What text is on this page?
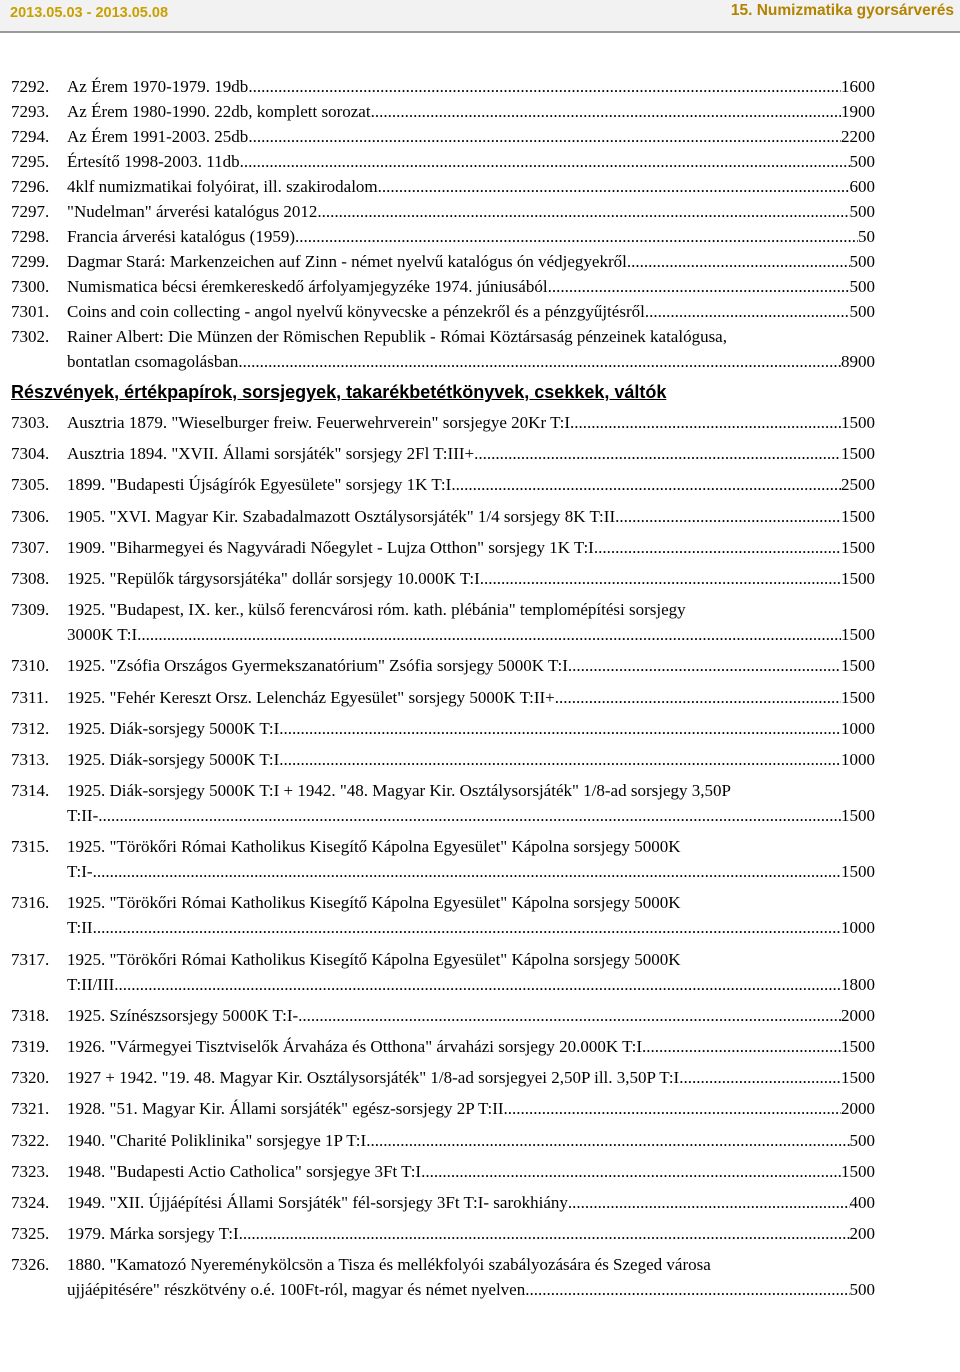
2013.05.03 - 2013.05.08	15. Numizmatika gyorsárverés
7292.	Az Érem 1970-1979. 19db .....	1600
7293.	Az Érem 1980-1990. 22db, komplett sorozat .....	1900
7294.	Az Érem 1991-2003. 25db .....	2200
7295.	Értesítő 1998-2003. 11db .....	500
7296.	4klf numizmatikai folyóirat, ill. szakirodalom .....	600
7297.	"Nudelman" árverési katalógus 2012. .....	500
7298.	Francia árverési katalógus (1959) .....	50
7299.	Dagmar Stará: Markenzeichen auf Zinn - német nyelvű katalógus ón védjegyekről .....	500
7300.	Numismatica bécsi éremkereskedő árfolyamjegyzéke 1974. júniusából .....	500
7301.	Coins and coin collecting - angol nyelvű könyvecske a pénzekről és a pénzgyűjtésről .....	500
7302.	Rainer Albert: Die Münzen der Römischen Republik - Római Köztársaság pénzeinek katalógusa,
bontatlan csomagolásban .....	8900
Részvények, értékpapírok, sorsjegyek, takarékbetétkönyvek, csekkek, váltók
7303.	Ausztria 1879. "Wieselburger freiw. Feuerwehrverein" sorsjegye 20Kr T:I .....	1500
7304.	Ausztria 1894. "XVII. Állami sorsjáték" sorsjegy 2Fl T:III+ .....	1500
7305.	1899. "Budapesti Újságírók Egyesülete" sorsjegy 1K T:I .....	2500
7306.	1905. "XVI. Magyar Kir. Szabadalmazott Osztálysorsjáték" 1/4 sorsjegy 8K T:II .....	1500
7307.	1909. "Biharmegyei és Nagyváradi Nőegylet - Lujza Otthon" sorsjegy 1K T:I .....	1500
7308.	1925. "Repülők tárgysorsjátéka" dollár sorsjegy 10.000K T:I .....	1500
7309.	1925. "Budapest, IX. ker., külső ferencvárosi róm. kath. plébánia" templomépítési sorsjegy
3000K T:I .....	1500
7310.	1925. "Zsófia Országos Gyermekszanatórium" Zsófia sorsjegy 5000K T:I .....	1500
7311.	1925. "Fehér Kereszt Orsz. Lelencház Egyesület" sorsjegy 5000K T:II+ .....	1500
7312.	1925. Diák-sorsjegy 5000K T:I .....	1000
7313.	1925. Diák-sorsjegy 5000K T:I .....	1000
7314.	1925. Diák-sorsjegy 5000K T:I + 1942. "48. Magyar Kir. Osztálysorsjáték" 1/8-ad sorsjegy 3,50P
T:II- .....	1500
7315.	1925. "Törökőri Római Katholikus Kisegítő Kápolna Egyesület" Kápolna sorsjegy 5000K
T:I-...... .....	1500
7316.	1925. "Törökőri Római Katholikus Kisegítő Kápolna Egyesület" Kápolna sorsjegy 5000K
T:II...... .....	1000
7317.	1925. "Törökőri Római Katholikus Kisegítő Kápolna Egyesület" Kápolna sorsjegy 5000K
T:II/III.. .....	1800
7318.	1925. Színészsorsjegy 5000K T:I- .....	2000
7319.	1926. "Vármegyei Tisztviselők Árvaháza és Otthona" árvaházi sorsjegy 20.000K T:I .....	1500
7320.	1927 + 1942. "19. 48. Magyar Kir. Osztálysorsjáték" 1/8-ad sorsjegyei 2,50P ill. 3,50P T:I .....	1500
7321.	1928. "51. Magyar Kir. Állami sorsjáték" egész-sorsjegy 2P T:II .....	2000
7322.	1940. "Charité Poliklinika" sorsjegye 1P T:I .....	500
7323.	1948. "Budapesti Actio Catholica" sorsjegye 3Ft T:I .....	1500
7324.	1949. "XII. Újjáépítési Állami Sorsjáték" fél-sorsjegy 3Ft T:I- sarokhiány .....	400
7325.	1979. Márka sorsjegy T:I .....	200
7326.	1880. "Kamatozó Nyereménykölcsön a Tisza és mellékfolyói szabályozására és Szeged városa
ujjáépitésére" részkötvény o.é. 100Ft-ról, magyar és német nyelven .....	500
